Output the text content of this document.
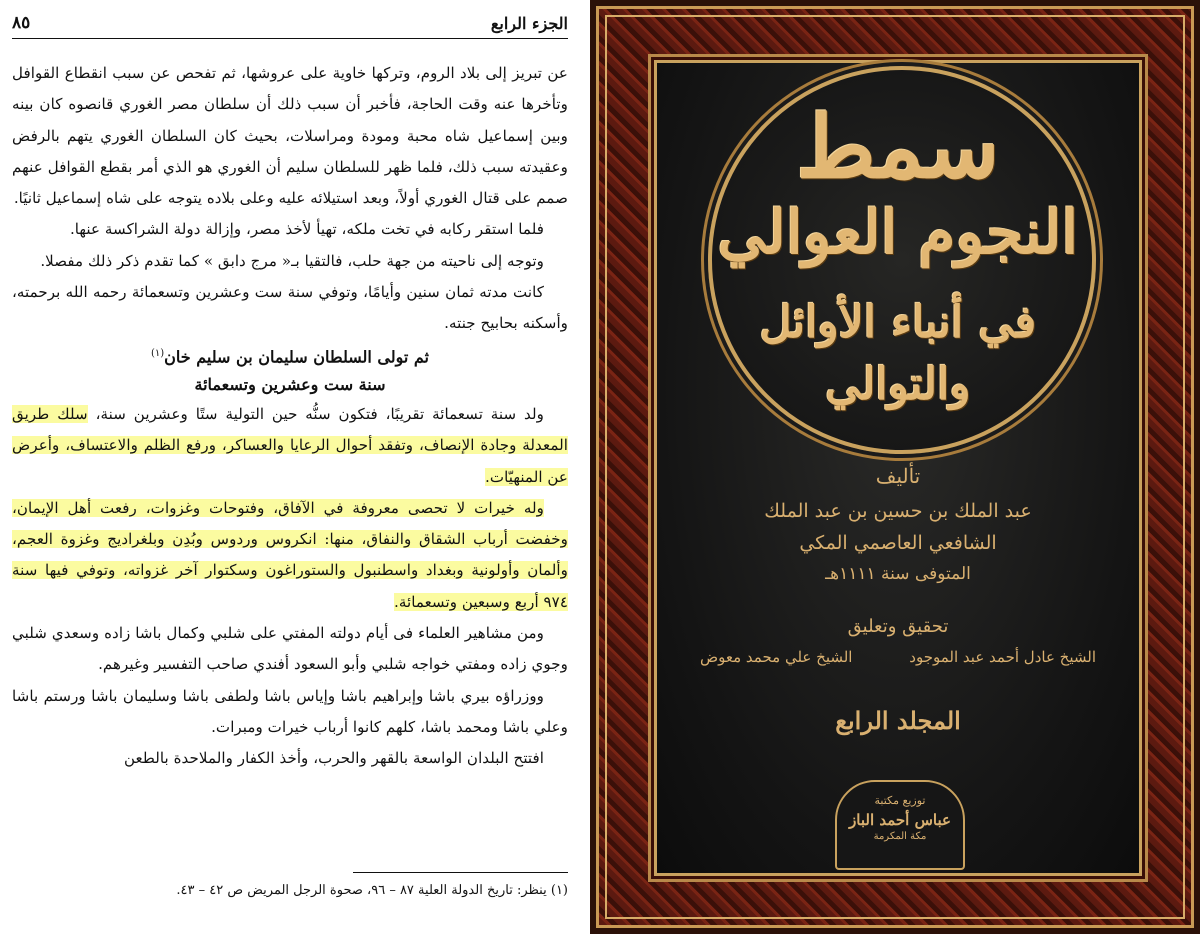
الجزء الرابع
٨٥

عن تبريز إلى بلاد الروم، وتركها خاوية على عروشها، ثم تفحص عن سبب انقطاع القوافل وتأخرها عنه وقت الحاجة، فأخبر أن سبب ذلك أن سلطان مصر الغوري قانصوه كان بينه وبين إسماعيل شاه محبة ومودة ومراسلات، بحيث كان السلطان الغوري يتهم بالرفض وعقيدته سبب ذلك، فلما ظهر للسلطان سليم أن الغوري هو الذي أمر بقطع القوافل عنهم صمم على قتال الغوري أولاً، وبعد استيلائه عليه وعلى بلاده يتوجه على شاه إسماعيل ثانيًا.

فلما استقر ركابه في تخت ملكه، تهيأ لأخذ مصر، وإزالة دولة الشراكسة عنها.

وتوجه إلى ناحيته من جهة حلب، فالتقيا بـ« مرج دابق » كما تقدم ذكر ذلك مفصلا.

كانت مدته ثمان سنين وأيامًا، وتوفي سنة ست وعشرين وتسعمائة رحمه الله برحمته، وأسكنه بحابيح جنته.

ثم تولى السلطان سليمان بن سليم خان$^{(١)}$
سنة ست وعشرين وتسعمائة

ولد سنة تسعمائة تقريبًا، فتكون سنُّه حين التولية ستًا وعشرين سنة، سلك طريق المعدلة وجادة الإنصاف، وتفقد أحوال الرعايا والعساكر، ورفع الظلم والاعتساف، وأعرض عن المنهيّات.

وله خيرات لا تحصى معروفة في الآفاق، وفتوحات وغزوات، رفعت أهل الإيمان، وخفضت أرباب الشقاق والنفاق، منها: انكروس وردوس وبُدِن وبلغراديج وغزوة العجم، وألمان وأولونية وبغداد واسطنبول والستوراغون وسكتوار آخر غزواته، وتوفي فيها سنة ٩٧٤ أربع وسبعين وتسعمائة.

ومن مشاهير العلماء فى أيام دولته المفتي على شلبي وكمال باشا زاده وسعدي شلبي وجوي زاده ومفتي خواجه شلبي وأبو السعود أفندي صاحب التفسير وغيرهم.

ووزراؤه بيري باشا وإبراهيم باشا وإياس باشا ولطفى باشا وسليمان باشا ورستم باشا وعلي باشا ومحمد باشا، كلهم كانوا أرباب خيرات ومبرات.

افتتح البلدان الواسعة بالقهر والحرب، وأخذ الكفار والملاحدة بالطعن

(١) ينظر: تاريخ الدولة العلية ٨٧ – ٩٦، صحوة الرجل المريض ص ٤٢ – ٤٣.
سمط
النجوم العوالي
في أنباء الأوائل
والتوالي
تأليف
عبد الملك بن حسين بن عبد الملك
الشافعي العاصمي المكي
المتوفى سنة ١١١١هـ
تحقيق وتعليق
الشيخ عادل أحمد عبد الموجود
الشيخ علي محمد معوض
المجلد الرابع
توزيع مكتبة
عباس أحمد الباز
مكة المكرمة
